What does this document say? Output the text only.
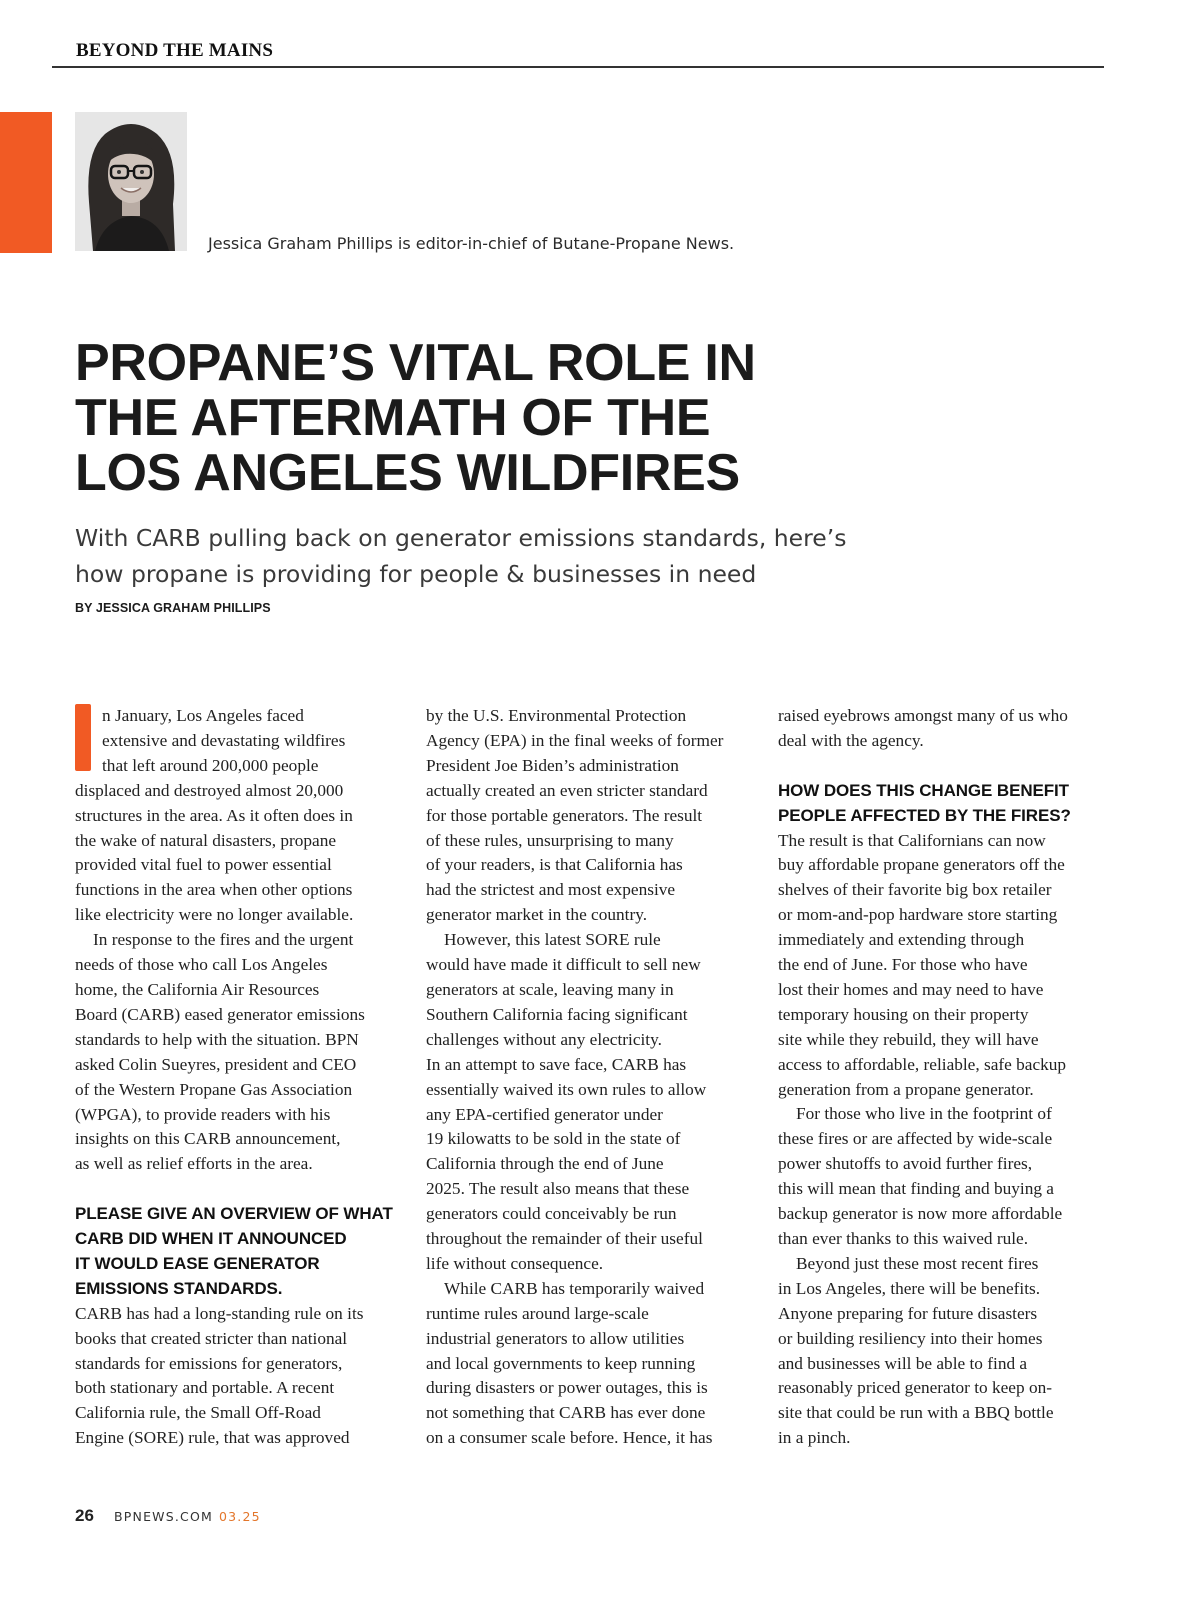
BEYOND THE MAINS
Jessica Graham Phillips is editor-in-chief of Butane-Propane News.
PROPANE’S VITAL ROLE IN
THE AFTERMATH OF THE
LOS ANGELES WILDFIRES
With CARB pulling back on generator emissions standards, here’s
how propane is providing for people & businesses in need
BY JESSICA GRAHAM PHILLIPS
n January, Los Angeles faced
extensive and devastating wildfires
that left around 200,000 people
displaced and destroyed almost 20,000
structures in the area. As it often does in
the wake of natural disasters, propane
provided vital fuel to power essential
functions in the area when other options
like electricity were no longer available.
In response to the fires and the urgent
needs of those who call Los Angeles
home, the California Air Resources
Board (CARB) eased generator emissions
standards to help with the situation. BPN
asked Colin Sueyres, president and CEO
of the Western Propane Gas Association
(WPGA), to provide readers with his
insights on this CARB announcement,
as well as relief efforts in the area.
PLEASE GIVE AN OVERVIEW OF WHAT
CARB DID WHEN IT ANNOUNCED
IT WOULD EASE GENERATOR
EMISSIONS STANDARDS.
CARB has had a long-standing rule on its
books that created stricter than national
standards for emissions for generators,
both stationary and portable. A recent
California rule, the Small Off-Road
Engine (SORE) rule, that was approved
by the U.S. Environmental Protection
Agency (EPA) in the final weeks of former
President Joe Biden’s administration
actually created an even stricter standard
for those portable generators. The result
of these rules, unsurprising to many
of your readers, is that California has
had the strictest and most expensive
generator market in the country.
However, this latest SORE rule
would have made it difficult to sell new
generators at scale, leaving many in
Southern California facing significant
challenges without any electricity.
In an attempt to save face, CARB has
essentially waived its own rules to allow
any EPA-certified generator under
19 kilowatts to be sold in the state of
California through the end of June
2025. The result also means that these
generators could conceivably be run
throughout the remainder of their useful
life without consequence.
While CARB has temporarily waived
runtime rules around large-scale
industrial generators to allow utilities
and local governments to keep running
during disasters or power outages, this is
not something that CARB has ever done
on a consumer scale before. Hence, it has
raised eyebrows amongst many of us who
deal with the agency.
HOW DOES THIS CHANGE BENEFIT
PEOPLE AFFECTED BY THE FIRES?
The result is that Californians can now
buy affordable propane generators off the
shelves of their favorite big box retailer
or mom-and-pop hardware store starting
immediately and extending through
the end of June. For those who have
lost their homes and may need to have
temporary housing on their property
site while they rebuild, they will have
access to affordable, reliable, safe backup
generation from a propane generator.
For those who live in the footprint of
these fires or are affected by wide-scale
power shutoffs to avoid further fires,
this will mean that finding and buying a
backup generator is now more affordable
than ever thanks to this waived rule.
Beyond just these most recent fires
in Los Angeles, there will be benefits.
Anyone preparing for future disasters
or building resiliency into their homes
and businesses will be able to find a
reasonably priced generator to keep on-
site that could be run with a BBQ bottle
in a pinch.
26 BPNEWS.COM 03.25
